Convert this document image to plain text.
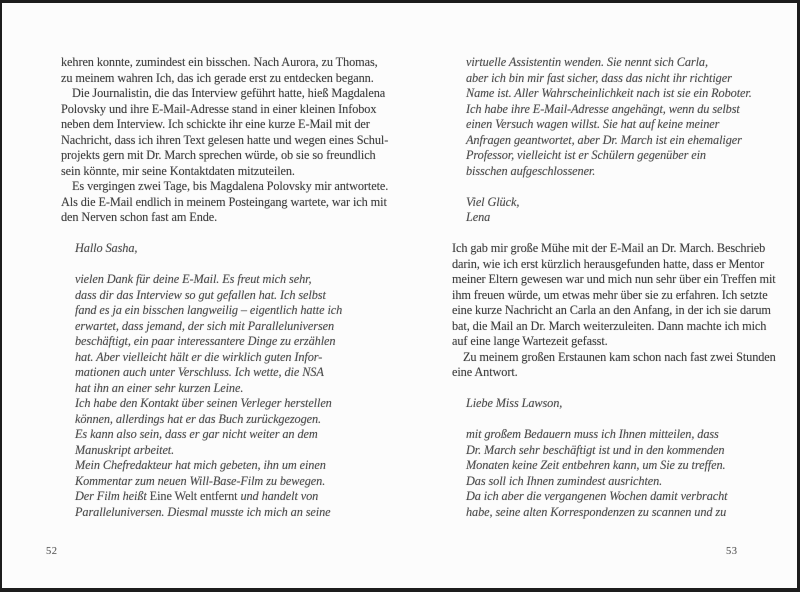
kehren konnte, zumindest ein bisschen. Nach Aurora, zu Thomas,
zu meinem wahren Ich, das ich gerade erst zu entdecken begann.
Die Journalistin, die das Interview geführt hatte, hieß Magdalena
Polovsky und ihre E-Mail-Adresse stand in einer kleinen Infobox
neben dem Interview. Ich schickte ihr eine kurze E-Mail mit der
Nachricht, dass ich ihren Text gelesen hatte und wegen eines Schul-
projekts gern mit Dr. March sprechen würde, ob sie so freundlich
sein könnte, mir seine Kontaktdaten mitzuteilen.
Es vergingen zwei Tage, bis Magdalena Polovsky mir antwortete.
Als die E-Mail endlich in meinem Posteingang wartete, war ich mit
den Nerven schon fast am Ende.

Hallo Sasha,

vielen Dank für deine E-Mail. Es freut mich sehr,
dass dir das Interview so gut gefallen hat. Ich selbst
fand es ja ein bisschen langweilig – eigentlich hatte ich
erwartet, dass jemand, der sich mit Paralleluniversen
beschäftigt, ein paar interessantere Dinge zu erzählen
hat. Aber vielleicht hält er die wirklich guten Infor-
mationen auch unter Verschluss. Ich wette, die NSA
hat ihn an einer sehr kurzen Leine.
Ich habe den Kontakt über seinen Verleger herstellen
können, allerdings hat er das Buch zurückgezogen.
Es kann also sein, dass er gar nicht weiter an dem
Manuskript arbeitet.
Mein Chefredakteur hat mich gebeten, ihn um einen
Kommentar zum neuen Will-Base-Film zu bewegen.
Der Film heißt Eine Welt entfernt und handelt von
Paralleluniversen. Diesmal musste ich mich an seine
virtuelle Assistentin wenden. Sie nennt sich Carla,
aber ich bin mir fast sicher, dass das nicht ihr richtiger
Name ist. Aller Wahrscheinlichkeit nach ist sie ein Roboter.
Ich habe ihre E-Mail-Adresse angehängt, wenn du selbst
einen Versuch wagen willst. Sie hat auf keine meiner
Anfragen geantwortet, aber Dr. March ist ein ehemaliger
Professor, vielleicht ist er Schülern gegenüber ein
bisschen aufgeschlossener.

Viel Glück,
Lena

Ich gab mir große Mühe mit der E-Mail an Dr. March. Beschrieb
darin, wie ich erst kürzlich herausgefunden hatte, dass er Mentor
meiner Eltern gewesen war und mich nun sehr über ein Treffen mit
ihm freuen würde, um etwas mehr über sie zu erfahren. Ich setzte
eine kurze Nachricht an Carla an den Anfang, in der ich sie darum
bat, die Mail an Dr. March weiterzuleiten. Dann machte ich mich
auf eine lange Wartezeit gefasst.
Zu meinem großen Erstaunen kam schon nach fast zwei Stunden
eine Antwort.

Liebe Miss Lawson,

mit großem Bedauern muss ich Ihnen mitteilen, dass
Dr. March sehr beschäftigt ist und in den kommenden
Monaten keine Zeit entbehren kann, um Sie zu treffen.
Das soll ich Ihnen zumindest ausrichten.
Da ich aber die vergangenen Wochen damit verbracht
habe, seine alten Korrespondenzen zu scannen und zu
52	53
